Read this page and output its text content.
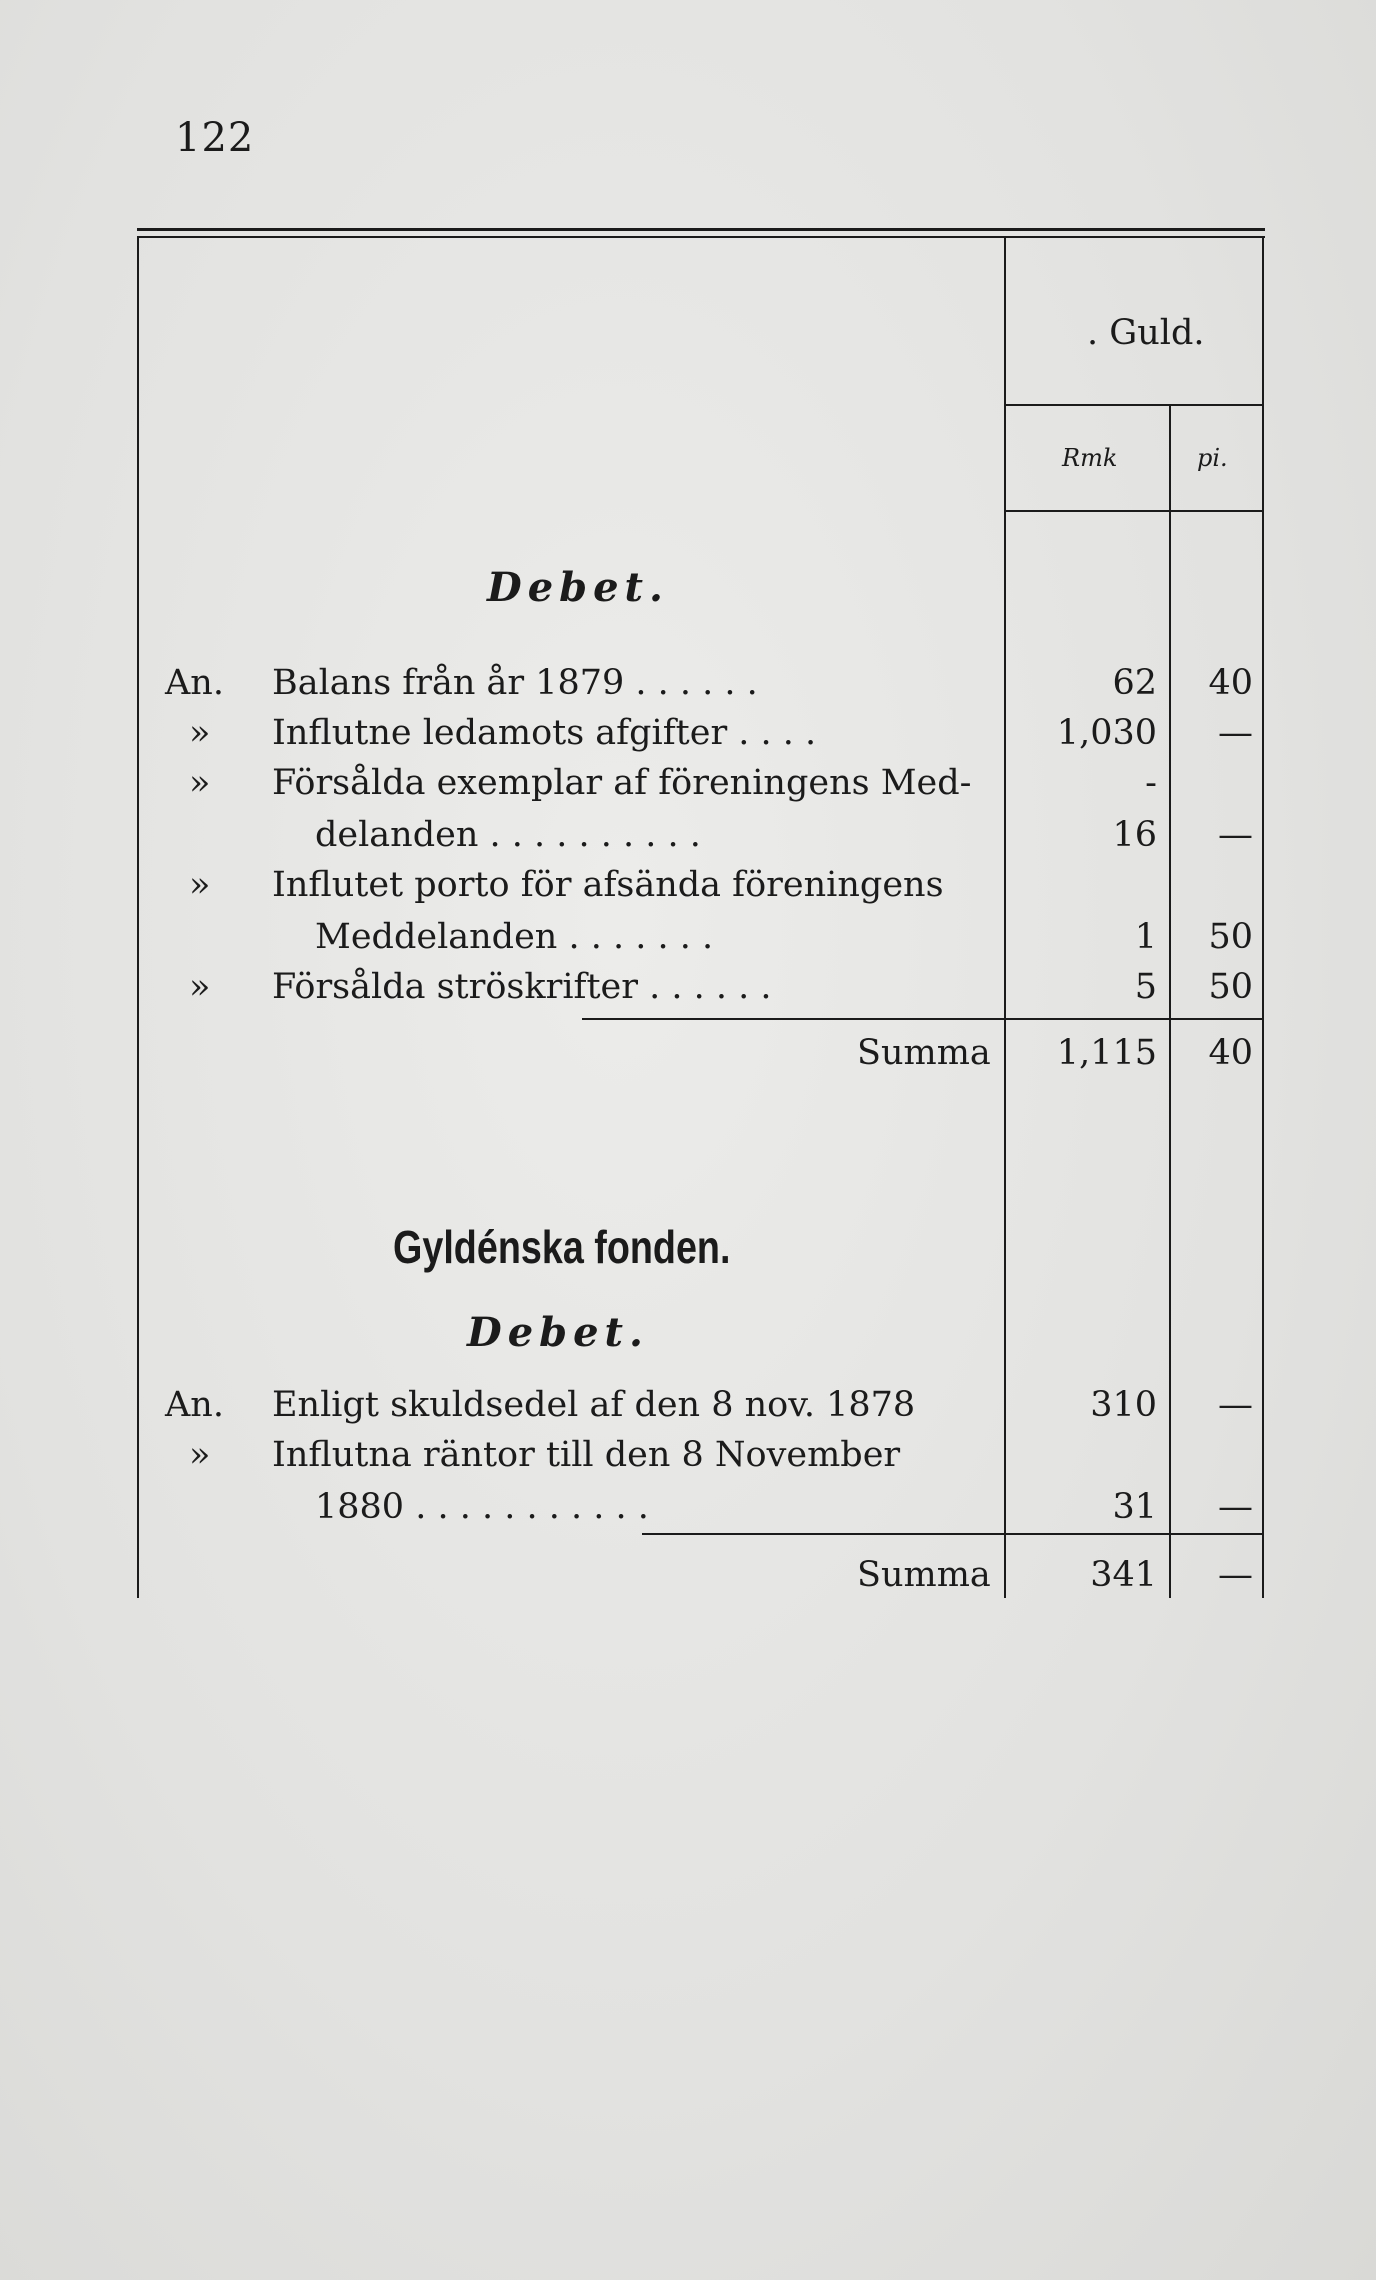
122
. Guld.
Rmk	pi.
Debet.
An. Balans från år 1879 . . . . . .	62	40
» Influtne ledamots afgifter . . . .	1,030	—
» Försålda exemplar af föreningens Med-	-
delanden . . . . . . . . . .	16	—
» Influtet porto för afsända föreningens
Meddelanden . . . . . . .	1	50
» Försålda ströskrifter . . . . . .	5	50
Summa	1,115	40
Gyldénska fonden.
Debet.
An. Enligt skuldsedel af den 8 nov. 1878	310	—
» Influtna räntor till den 8 November
1880 . . . . . . . . . . .	31	—
Summa	341	—
